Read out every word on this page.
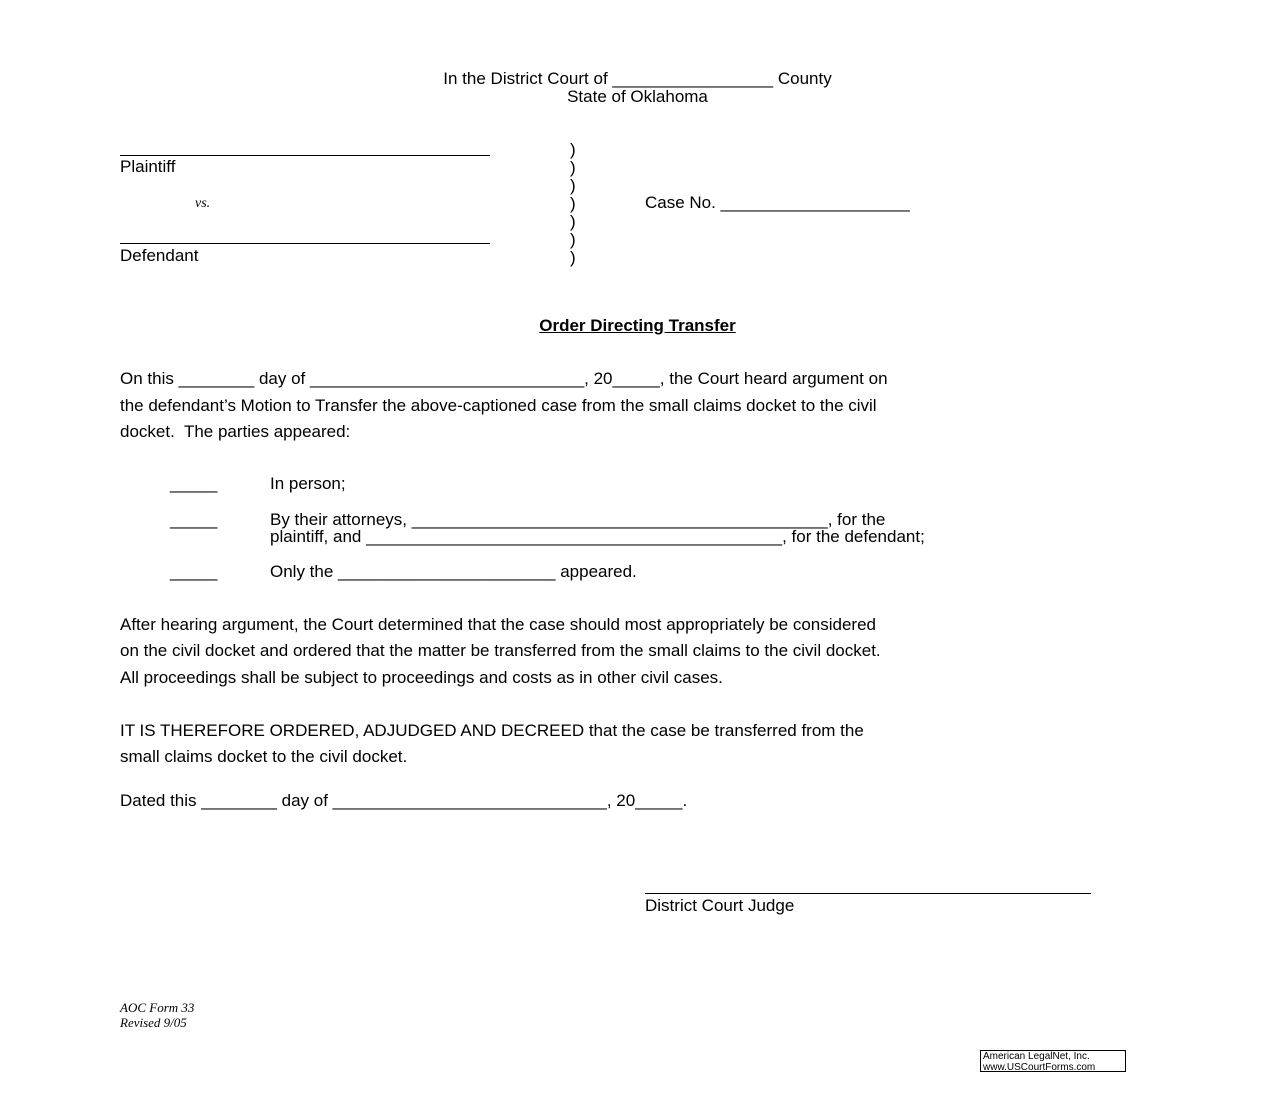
In the District Court of _________________ County
State of Oklahoma
Plaintiff
vs.
Defendant
)
)
)
)
)
)
)
Case No. ____________________
Order Directing Transfer
On this ________ day of _____________________________, 20_____, the Court heard argument on
the defendant’s Motion to Transfer the above-captioned case from the small claims docket to the civil
docket.  The parties appeared:
_____	In person;
_____	By their attorneys, ____________________________________________, for the
plaintiff, and ____________________________________________, for the defendant;
_____	Only the _______________________ appeared.
After hearing argument, the Court determined that the case should most appropriately be considered
on the civil docket and ordered that the matter be transferred from the small claims to the civil docket.
All proceedings shall be subject to proceedings and costs as in other civil cases.
IT IS THEREFORE ORDERED, ADJUDGED AND DECREED that the case be transferred from the
small claims docket to the civil docket.
Dated this ________ day of _____________________________, 20_____.
District Court Judge
AOC Form 33
Revised 9/05
American LegalNet, Inc.
www.USCourtForms.com
